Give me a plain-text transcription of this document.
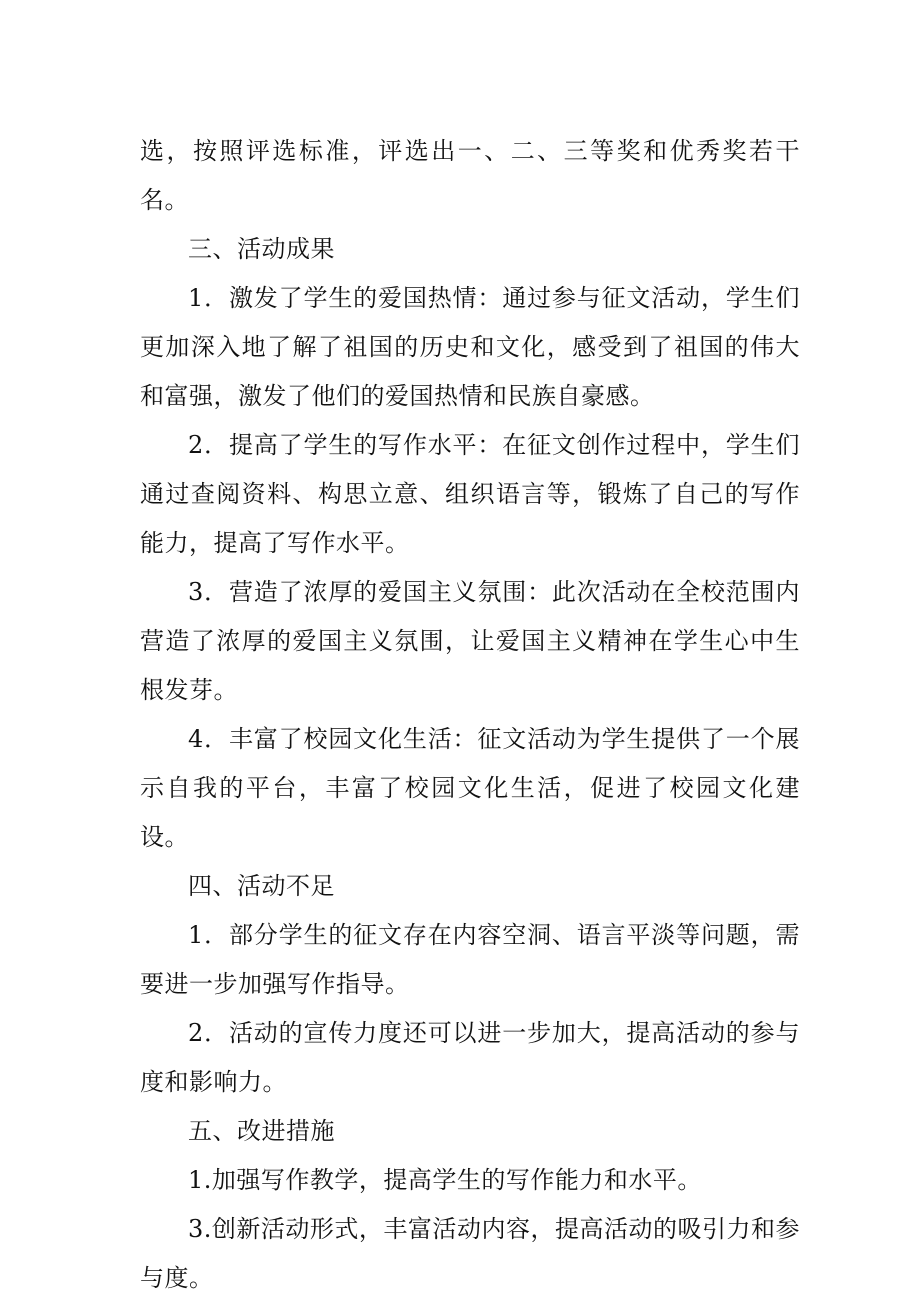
选，按照评选标准，评选出一、二、三等奖和优秀奖若干名。

三、活动成果

1．激发了学生的爱国热情：通过参与征文活动，学生们更加深入地了解了祖国的历史和文化，感受到了祖国的伟大和富强，激发了他们的爱国热情和民族自豪感。

2．提高了学生的写作水平：在征文创作过程中，学生们通过查阅资料、构思立意、组织语言等，锻炼了自己的写作能力，提高了写作水平。

3．营造了浓厚的爱国主义氛围：此次活动在全校范围内营造了浓厚的爱国主义氛围，让爱国主义精神在学生心中生根发芽。

4．丰富了校园文化生活：征文活动为学生提供了一个展示自我的平台，丰富了校园文化生活，促进了校园文化建设。

四、活动不足

1．部分学生的征文存在内容空洞、语言平淡等问题，需要进一步加强写作指导。

2．活动的宣传力度还可以进一步加大，提高活动的参与度和影响力。

五、改进措施

1.加强写作教学，提高学生的写作能力和水平。

3.创新活动形式，丰富活动内容，提高活动的吸引力和参与度。
